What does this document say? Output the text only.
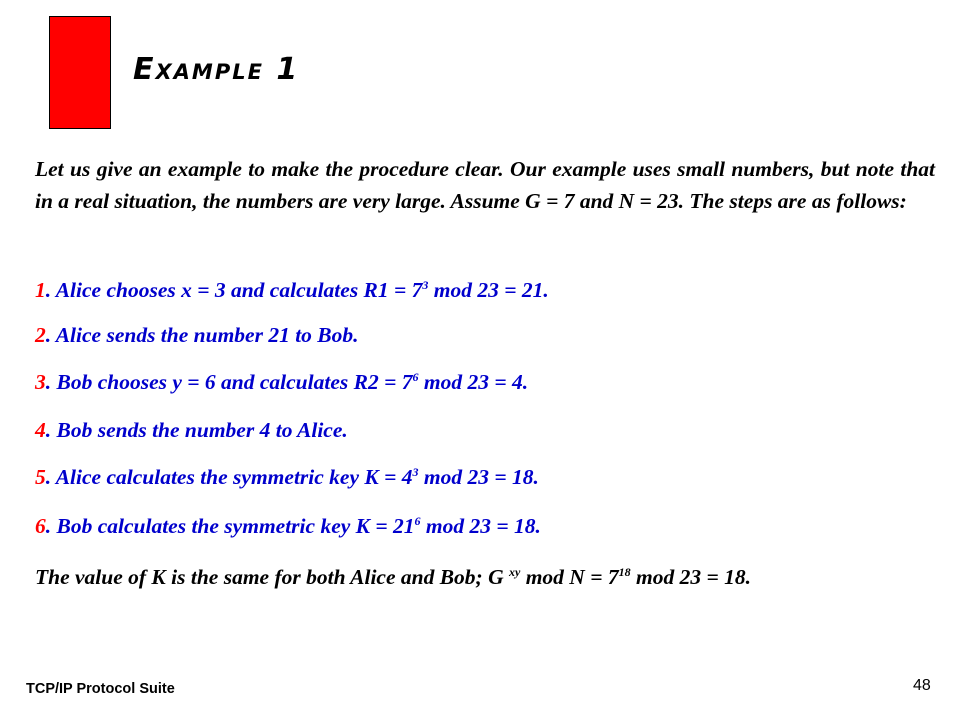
Example 1

Let us give an example to make the procedure clear. Our example uses small numbers, but note that in a real situation, the numbers are very large. Assume G = 7 and N = 23. The steps are as follows:

1. Alice chooses x = 3 and calculates $R1 = 7^3$ mod 23 = 21.
2. Alice sends the number 21 to Bob.
3. Bob chooses y = 6 and calculates $R2 = 7^6$ mod 23 = 4.
4. Bob sends the number 4 to Alice.
5. Alice calculates the symmetric key $K = 4^3$ mod 23 = 18.
6. Bob calculates the symmetric key $K = 21^6$ mod 23 = 18.

The value of K is the same for both Alice and Bob; G $^{xy}$ mod $N = 7^{18}$ mod 23 = 18.

TCP/IP Protocol Suite	48
